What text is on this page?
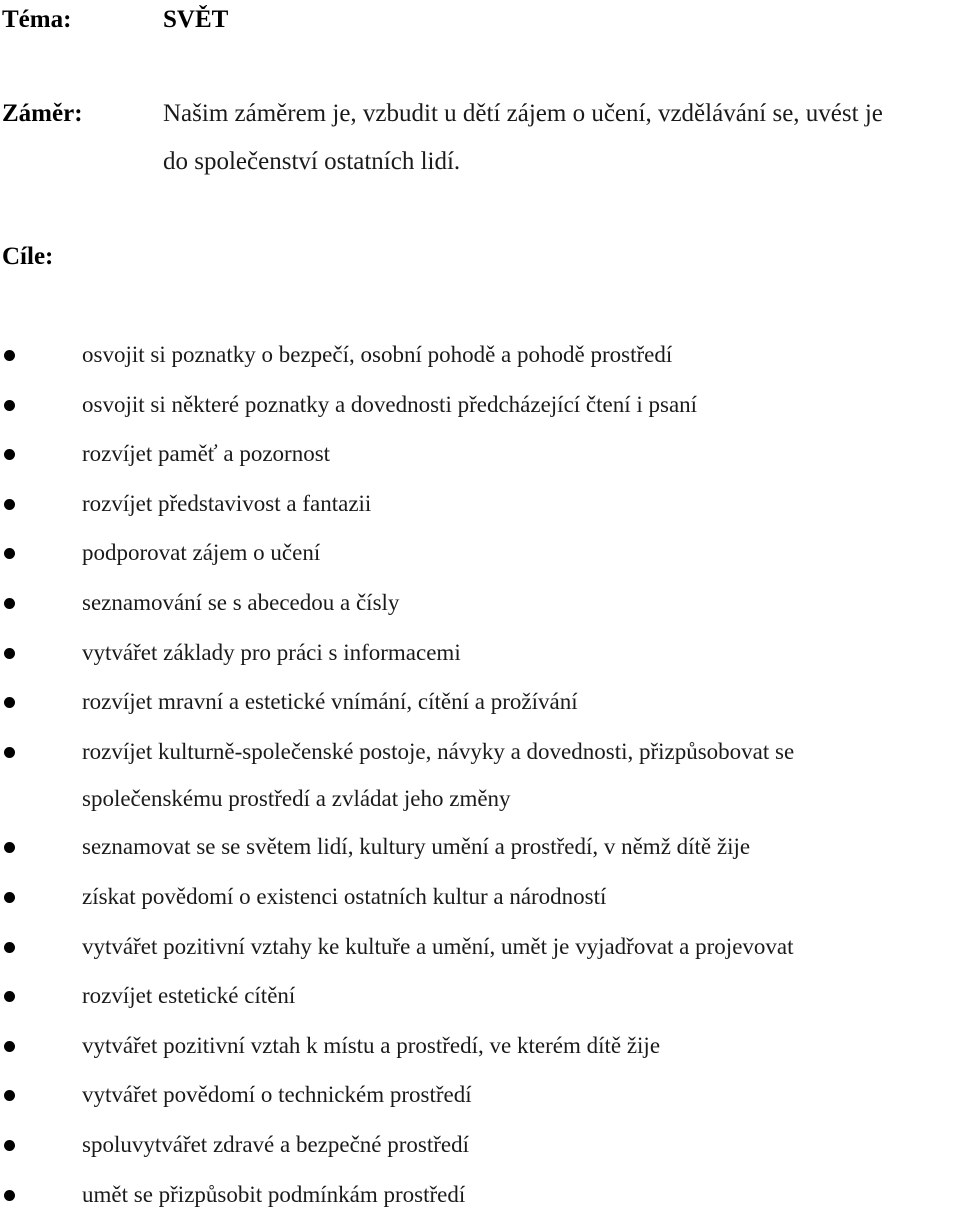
Téma:	SVĚT
Záměr:	Našim záměrem je, vzbudit u dětí zájem o učení, vzdělávání se, uvést je
do společenství ostatních lidí.
Cíle:
osvojit si poznatky o bezpečí, osobní pohodě a pohodě prostředí
osvojit si některé poznatky a dovednosti předcházející čtení i psaní
rozvíjet paměť a pozornost
rozvíjet představivost a fantazii
podporovat zájem o učení
seznamování se s abecedou a čísly
vytvářet základy pro práci s informacemi
rozvíjet mravní a estetické vnímání, cítění a prožívání
rozvíjet kulturně-společenské postoje, návyky a dovednosti, přizpůsobovat se
společenskému prostředí a zvládat jeho změny
seznamovat se se světem lidí, kultury umění a prostředí, v němž dítě žije
získat povědomí o existenci ostatních kultur a národností
vytvářet pozitivní vztahy ke kultuře a umění, umět je vyjadřovat a projevovat
rozvíjet estetické cítění
vytvářet pozitivní vztah k místu a prostředí, ve kterém dítě žije
vytvářet povědomí o technickém prostředí
spoluvytvářet zdravé a bezpečné prostředí
umět se přizpůsobit podmínkám prostředí
